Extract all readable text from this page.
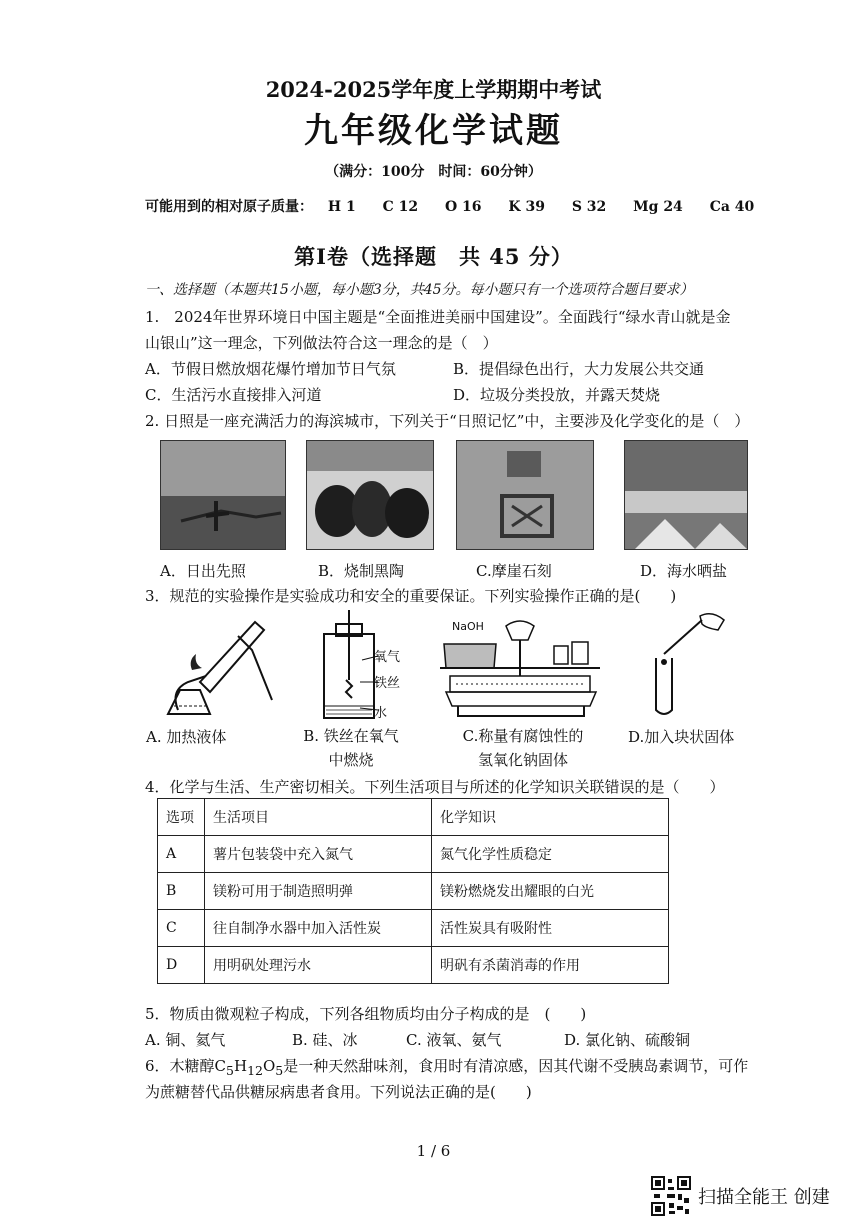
2024-2025学年度上学期期中考试
九年级化学试题
（满分：100分　时间：60分钟）
可能用到的相对原子质量： H 1 C 12 O 16 K 39 S 32 Mg 24 Ca 40
第Ⅰ卷（选择题　共 45 分）
一、选择题（本题共15小题，每小题3分，共45分。每小题只有一个选项符合题目要求）
1.　2024年世界环境日中国主题是“全面推进美丽中国建设”。全面践行“绿水青山就是金
山银山”这一理念，下列做法符合这一理念的是（　）
A．节假日燃放烟花爆竹增加节日气氛	B．提倡绿色出行，大力发展公共交通
C．生活污水直接排入河道	D．垃圾分类投放，并露天焚烧
2. 日照是一座充满活力的海滨城市，下列关于“日照记忆”中，主要涉及化学变化的是（　）
A．日出先照	B．烧制黑陶	C.摩崖石刻	D．海水晒盐
3．规范的实验操作是实验成功和安全的重要保证。下列实验操作正确的是(　　)
氧气
铁丝
水
NaOH
A. 加热液体	B. 铁丝在氧气
中燃烧
C.称量有腐蚀性的
氢氧化钠固体
D.加入块状固体
4．化学与生活、生产密切相关。下列生活项目与所述的化学知识关联错误的是（　　）
选项	生活项目	化学知识
A	薯片包装袋中充入氮气	氮气化学性质稳定
B	镁粉可用于制造照明弹	镁粉燃烧发出耀眼的白光
C	往自制净水器中加入活性炭	活性炭具有吸附性
D	用明矾处理污水	明矾有杀菌消毒的作用
5．物质由微观粒子构成，下列各组物质均由分子构成的是　(　　)
A. 铜、氦气	B. 硅、冰	C. 液氧、氨气	D. 氯化钠、硫酸铜
6．木糖醇$C_5H_{12}O_5$是一种天然甜味剂，食用时有清凉感，因其代谢不受胰岛素调节，可作
为蔗糖替代品供糖尿病患者食用。下列说法正确的是(　　)
1 / 6
扫描全能王 创建
